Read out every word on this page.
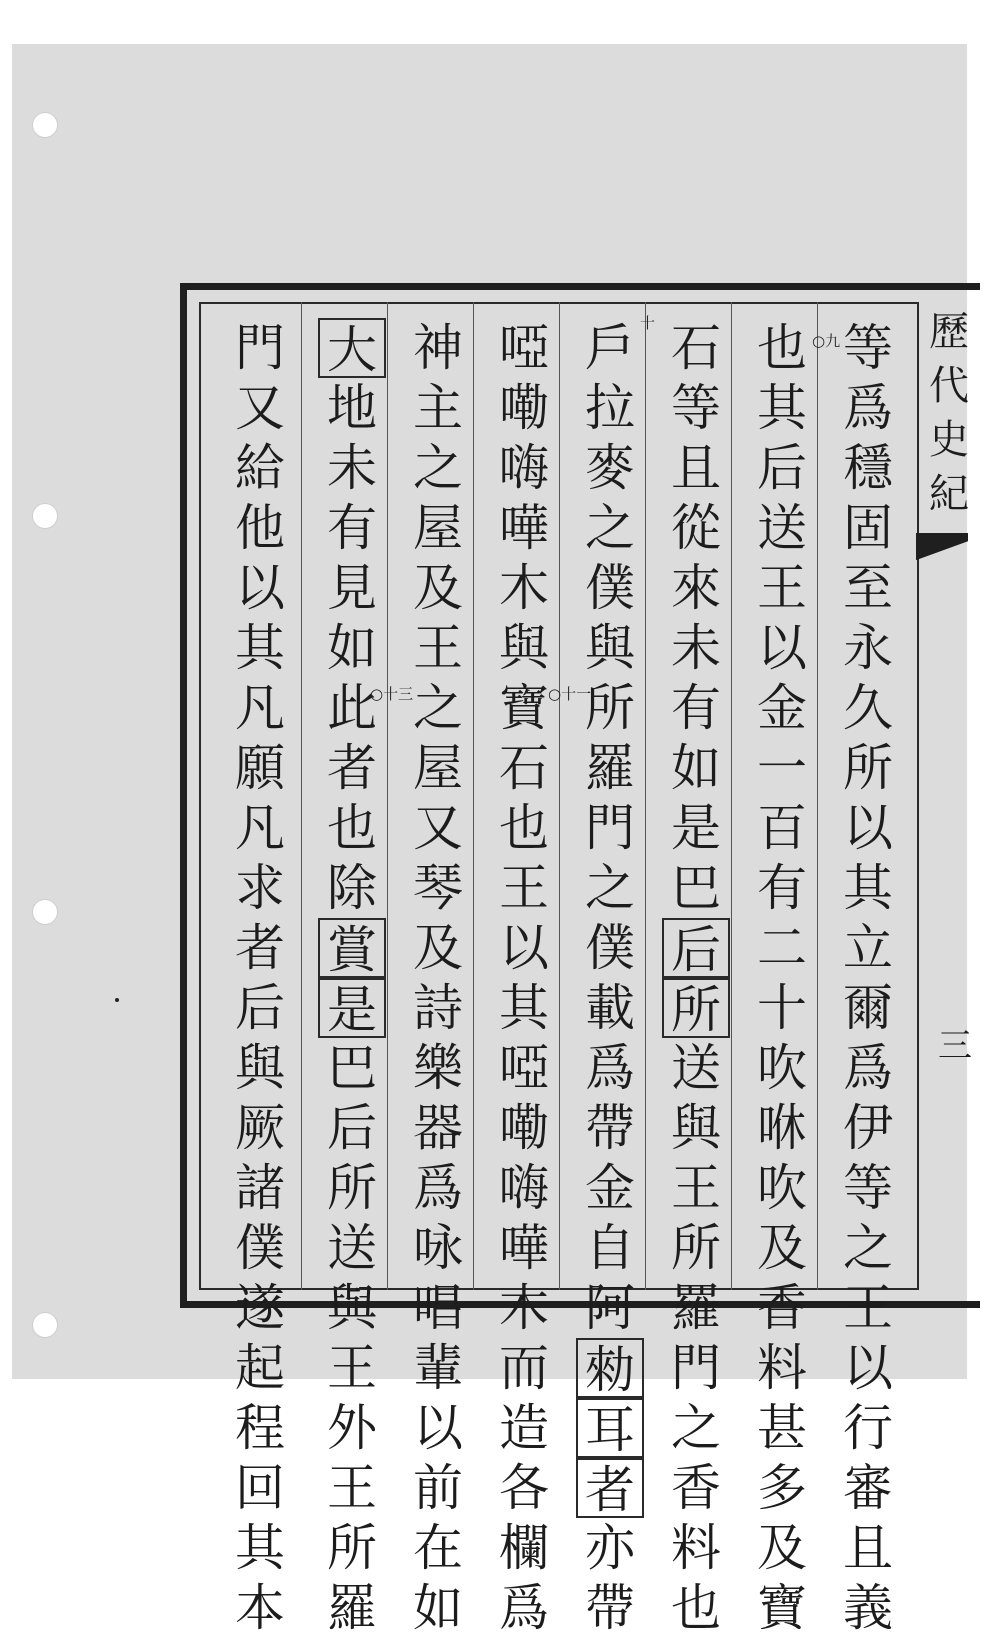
歷
代
史
紀
三
等
爲
穩
固
至
永
久
所
以
其
立
爾
爲
伊
等
之
王
以
行
審
且
義
也
其
后
送
王
以
金
一
百
有
二
十
吹
咻
吹
及
香
料
甚
多
及
寶
石
等
且
從
來
未
有
如
是
巴
后
所
送
與
王
所
羅
門
之
香
料
也
戶
拉
麥
之
僕
與
所
羅
門
之
僕
載
爲
帶
金
自
阿
勑
耳
者
亦
帶
啞
嘞
嗨
嘩
木
與
寶
石
也
王
以
其
啞
嘞
嗨
嘩
木
而
造
各
欄
爲
神
主
之
屋
及
王
之
屋
又
琴
及
詩
樂
器
爲
咏
唱
輩
以
前
在
如
大
地
未
有
見
如
此
者
也
除
賞
是
巴
后
所
送
與
王
外
王
所
羅
門
又
給
他
以
其
凡
願
凡
求
者
后
與
厥
諸
僕
遂
起
程
回
其
本
○九
十
○十一
○十三
